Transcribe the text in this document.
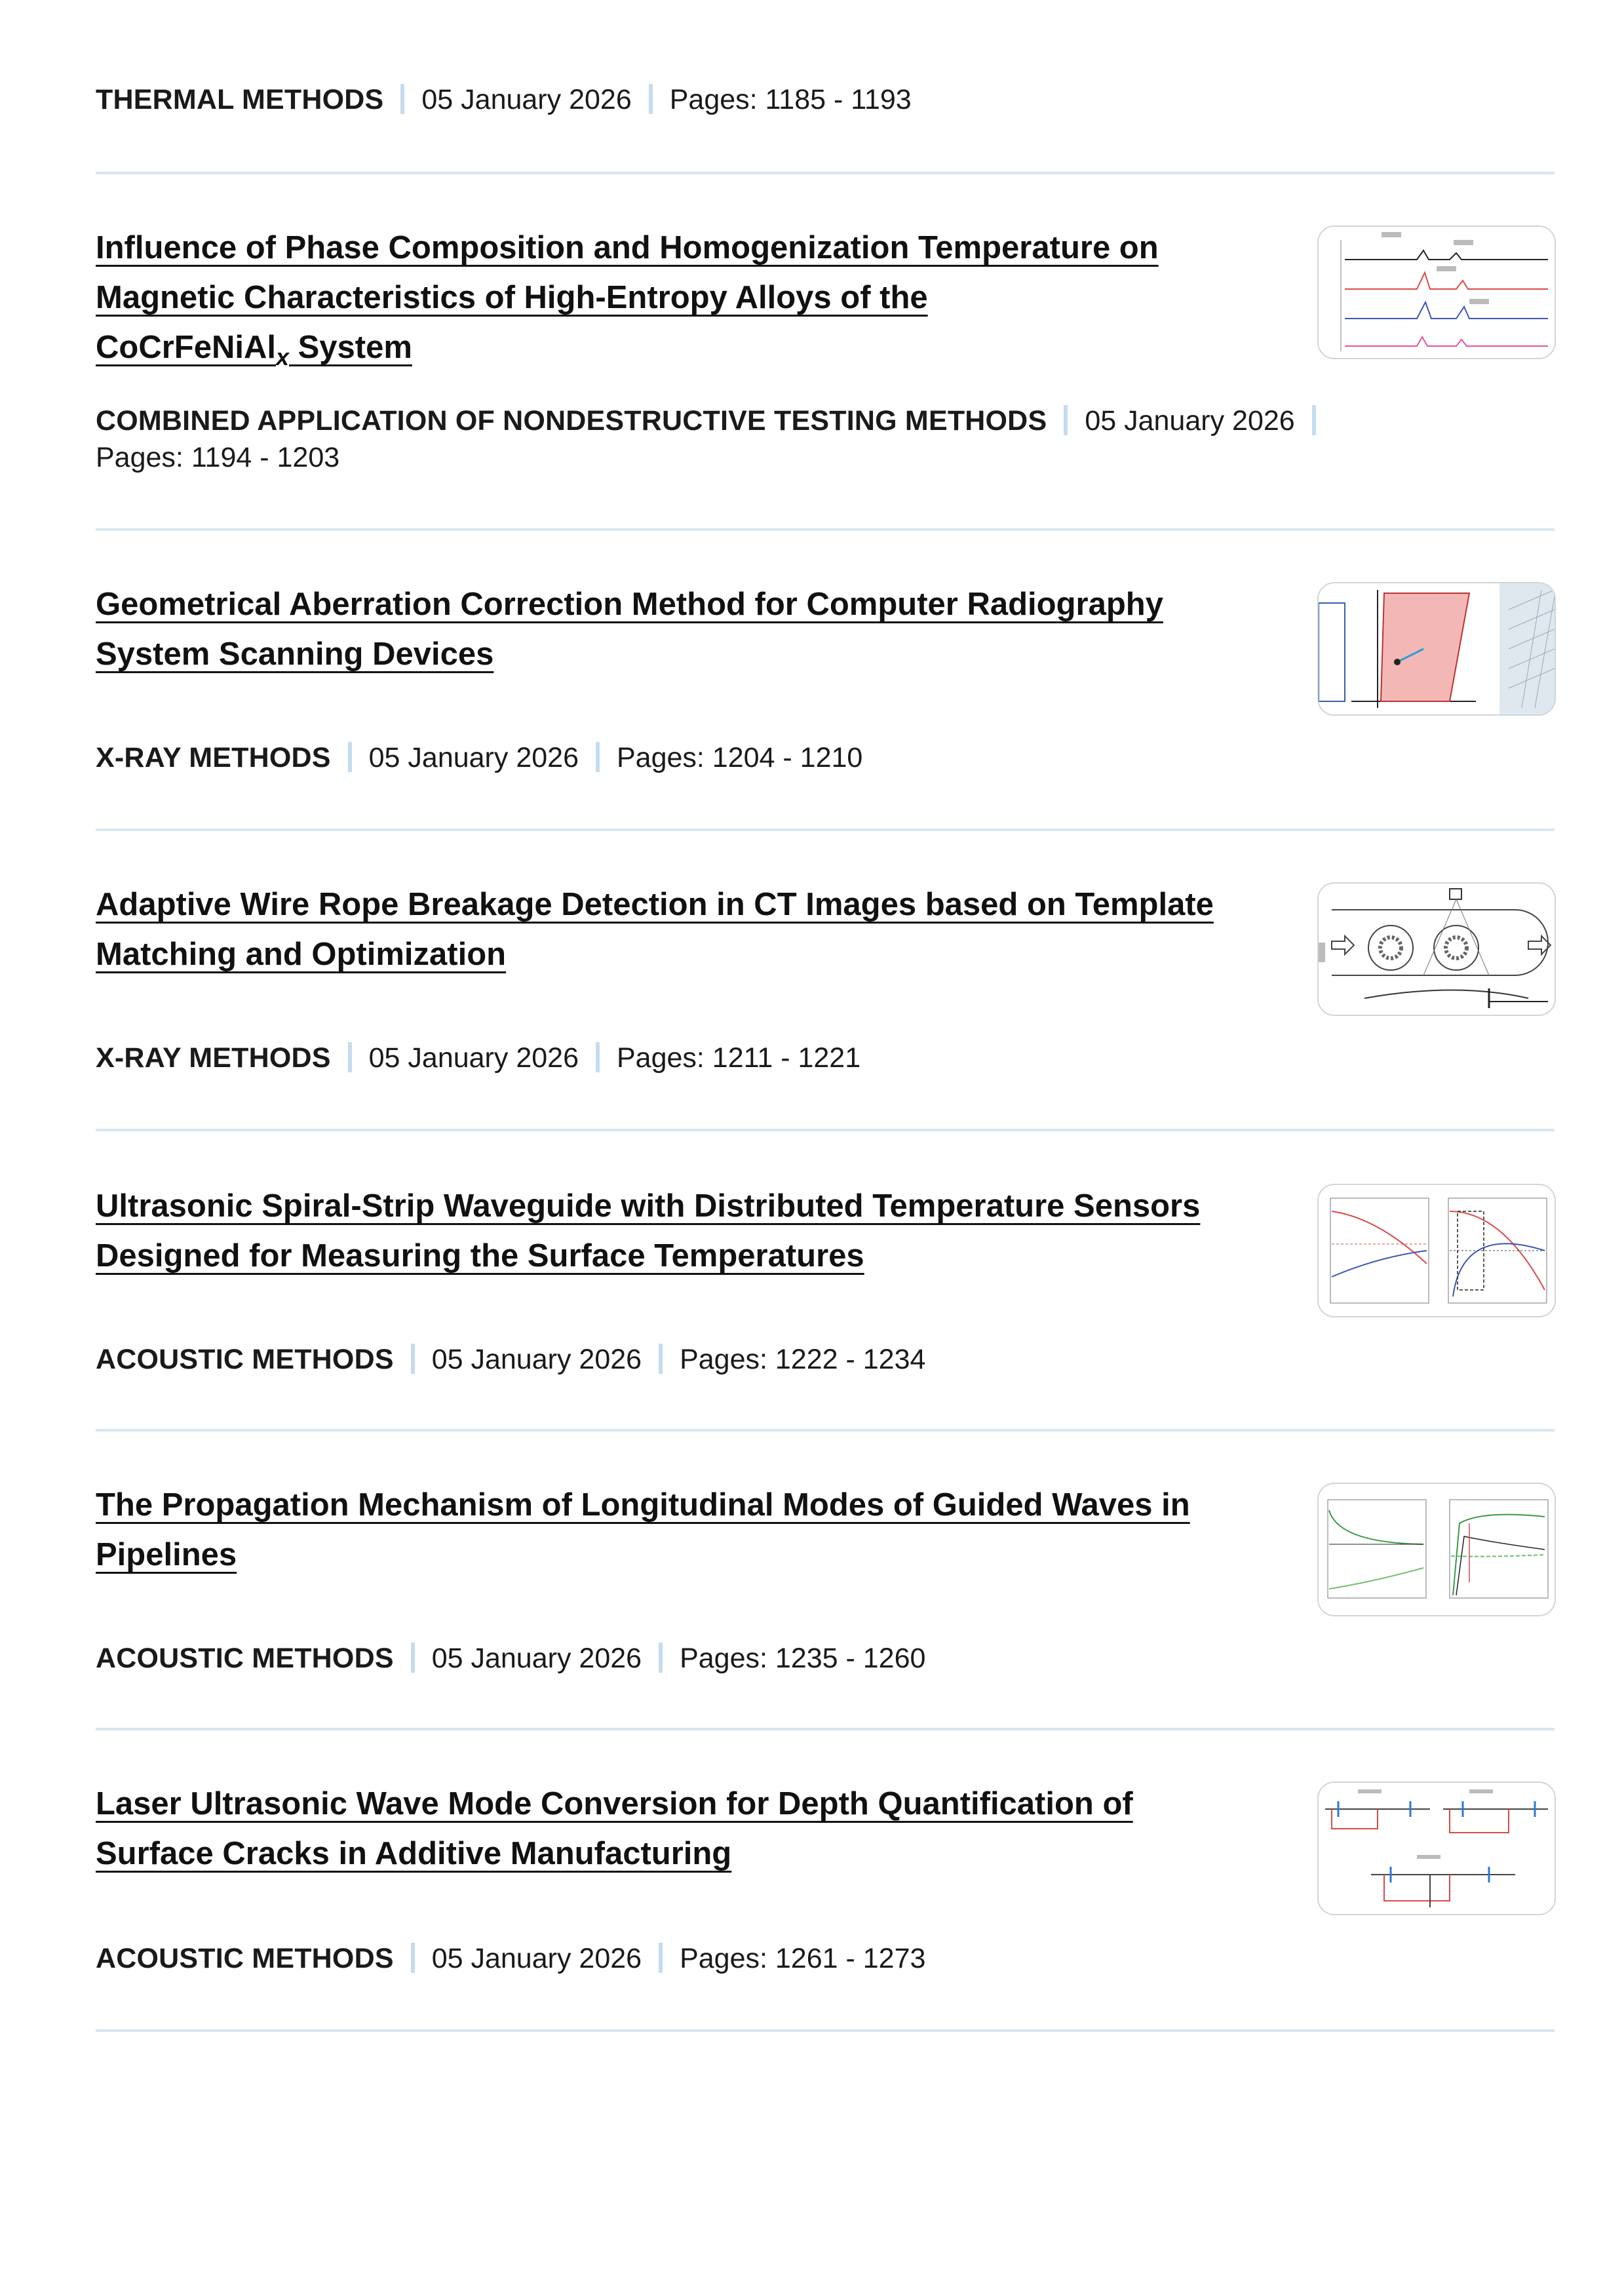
THERMAL METHODS 05 January 2026 Pages: 1185 - 1193
Influence of Phase Composition and Homogenization Temperature on
Magnetic Characteristics of High-Entropy Alloys of the
CoCrFeNiAl$_x$ System
COMBINED APPLICATION OF NONDESTRUCTIVE TESTING METHODS 05 January 2026
Pages: 1194 - 1203
Geometrical Aberration Correction Method for Computer Radiography
System Scanning Devices
X-RAY METHODS 05 January 2026 Pages: 1204 - 1210
Adaptive Wire Rope Breakage Detection in CT Images based on Template
Matching and Optimization
X-RAY METHODS 05 January 2026 Pages: 1211 - 1221
Ultrasonic Spiral-Strip Waveguide with Distributed Temperature Sensors
Designed for Measuring the Surface Temperatures
ACOUSTIC METHODS 05 January 2026 Pages: 1222 - 1234
The Propagation Mechanism of Longitudinal Modes of Guided Waves in
Pipelines
ACOUSTIC METHODS 05 January 2026 Pages: 1235 - 1260
Laser Ultrasonic Wave Mode Conversion for Depth Quantification of
Surface Cracks in Additive Manufacturing
ACOUSTIC METHODS 05 January 2026 Pages: 1261 - 1273
